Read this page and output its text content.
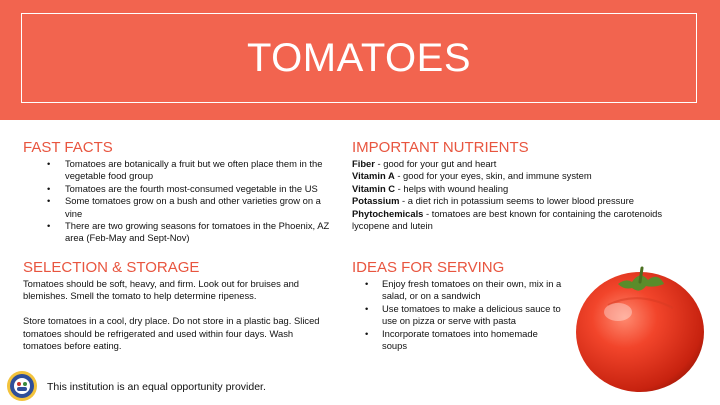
TOMATOES
FAST FACTS
• Tomatoes are botanically a fruit but we often place them in the vegetable food group
• Tomatoes are the fourth most-consumed vegetable in the US
• Some tomatoes grow on a bush and other varieties grow on a vine
• There are two growing seasons for tomatoes in the Phoenix, AZ area (Feb-May and Sept-Nov)
IMPORTANT NUTRIENTS

Fiber - good for your gut and heart

Vitamin A - good for your eyes, skin, and immune system

Vitamin C - helps with wound healing

Potassium - a diet rich in potassium seems to lower blood pressure

Phytochemicals - tomatoes are best known for containing the carotenoids lycopene and lutein

SELECTION & STORAGE

Tomatoes should be soft, heavy, and firm. Look out for bruises and blemishes. Smell the tomato to help determine ripeness.

Store tomatoes in a cool, dry place. Do not store in a plastic bag. Sliced tomatoes should be refrigerated and used within four days. Wash tomatoes before eating.

IDEAS FOR SERVING
• Enjoy fresh tomatoes on their own, mix in a salad, or on a sandwich
• Use tomatoes to make a delicious sauce to use on pizza or serve with pasta
• Incorporate tomatoes into homemade soups
This institution is an equal opportunity provider.
